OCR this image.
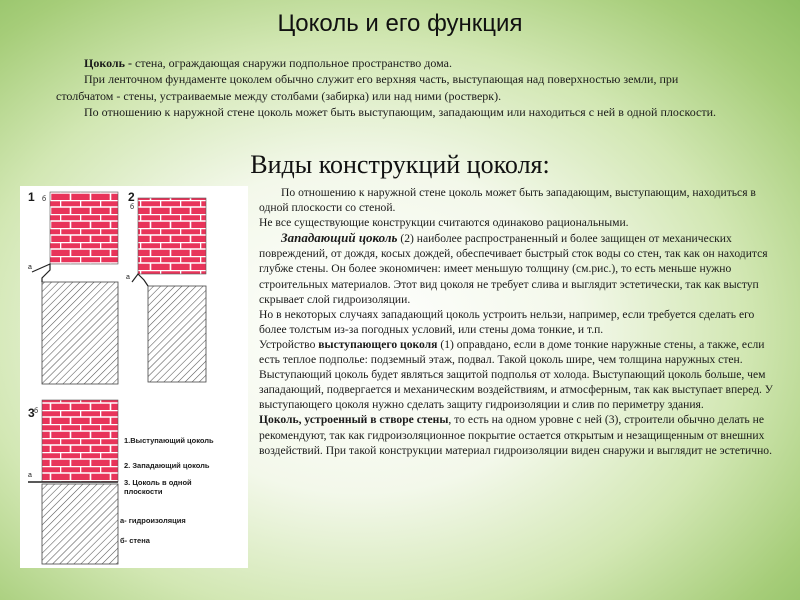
Цоколь и его функция

Цоколь - стена, ограждающая снаружи подпольное пространство дома.

При ленточном фундаменте цоколем обычно служит его верхняя часть, выступающая над поверхностью земли, при столбчатом - стены, устраиваемые между столбами (забирка) или над ними (ростверк).

По отношению к наружной стене цоколь может быть выступающим, западающим или находиться с ней в одной плоскости.

Виды конструкций цоколя:
1	2
3
б
б
б
а
а
а
1.Выступающий цоколь
2. Западающий цоколь
3. Цоколь в одной плоскости
а- гидроизоляция
б- стена

По отношению к наружной стене цоколь может быть западающим, выступающим, находиться в одной плоскости со стеной.

Не все существующие конструкции считаются одинаково рациональными.

Западающий цоколь (2) наиболее распространенный и более защищен от механических повреждений, от дождя, косых дождей, обеспечивает быстрый сток воды со стен, так как он находится глубже стены. Он более экономичен: имеет меньшую толщину (см.рис.), то есть меньше нужно строительных материалов. Этот вид цоколя не требует слива и выглядит эстетически, так как выступ скрывает слой гидроизоляции.

Но в некоторых случаях западающий цоколь устроить нельзи, например, если требуется сделать его более толстым из-за погодных условий, или стены дома тонкие, и т.п.

Устройство выступающего цоколя (1) оправдано, если в доме тонкие наружные стены, а также, если есть теплое подполье: подземный этаж, подвал. Такой цоколь шире, чем толщина наружных стен. Выступающий цоколь будет являться защитой подполья от холода. Выступающий цоколь больше, чем западающий, подвергается и механическим воздействиям, и атмосферным, так как выступает вперед. У выступающего цоколя нужно сделать защиту гидроизоляции и слив по периметру здания.

Цоколь, устроенный в створе стены, то есть на одном уровне с ней (3), строители обычно делать не рекомендуют, так как гидроизоляционное покрытие остается открытым и незащищенным от внешних воздействий. При такой конструкции материал гидроизоляции виден снаружи и выглядит не эстетично.
